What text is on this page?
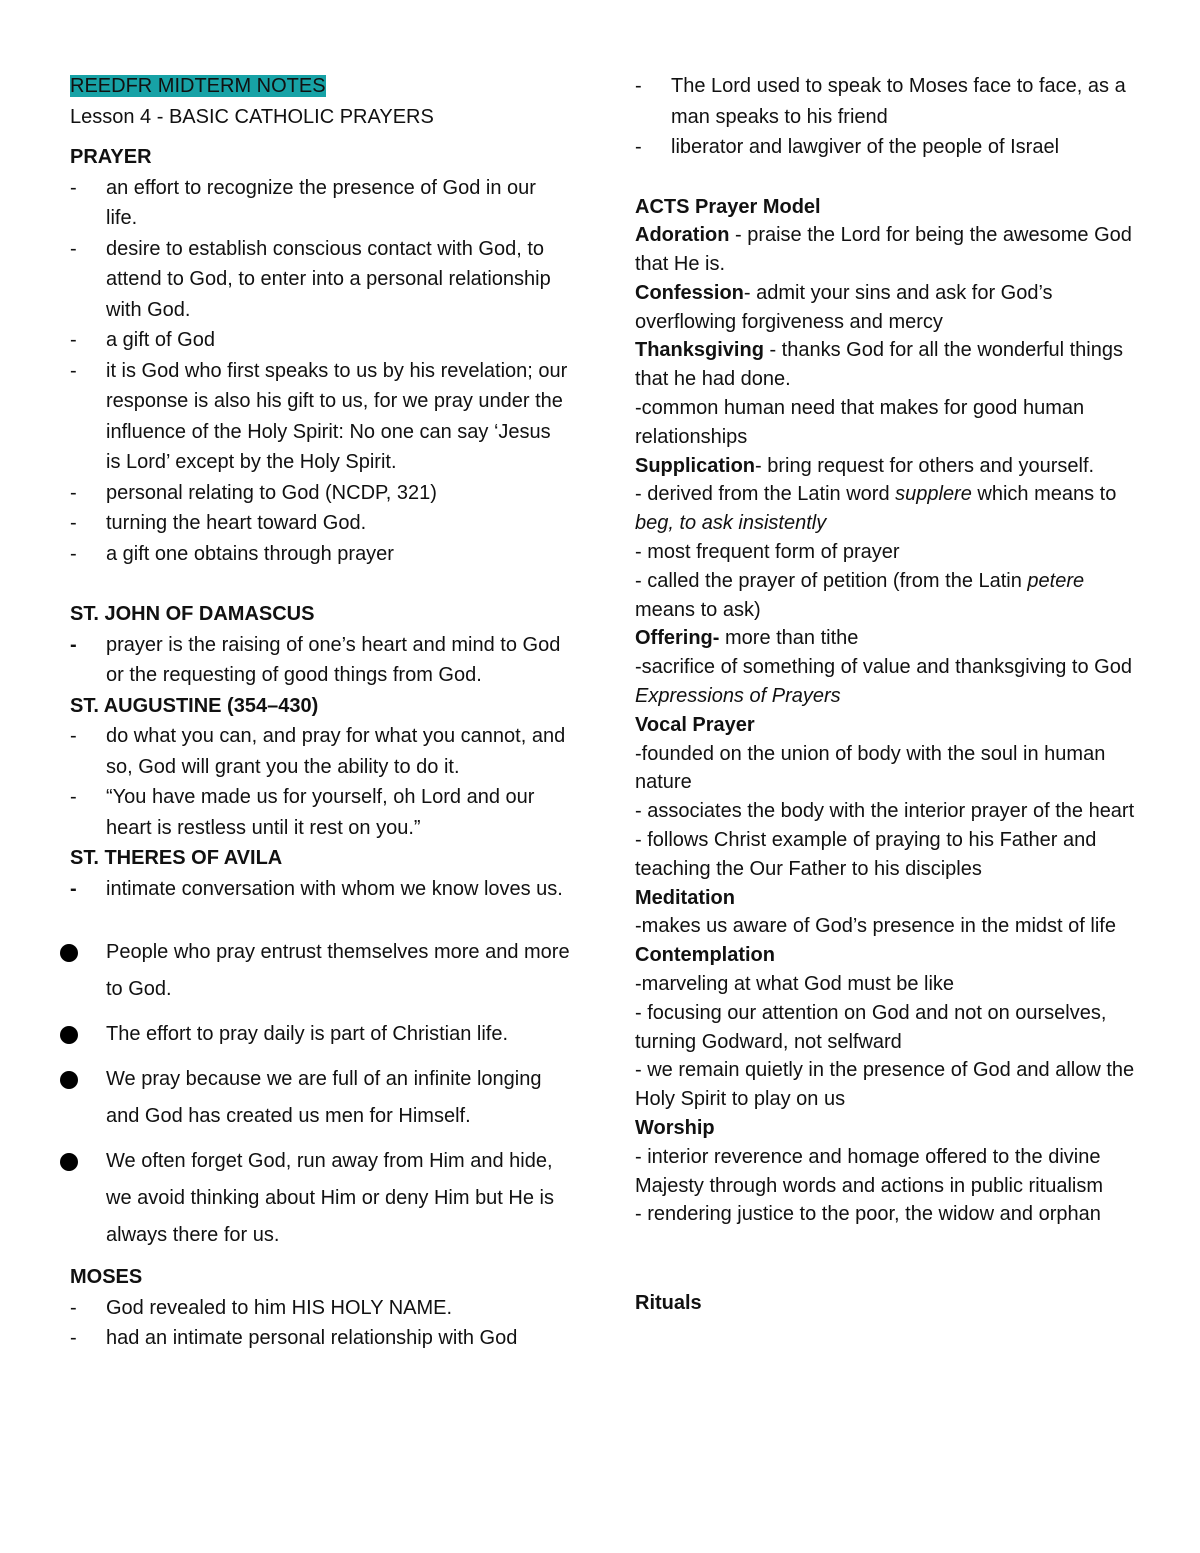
REEDFR MIDTERM NOTES
Lesson 4 - BASIC CATHOLIC PRAYERS
PRAYER
- an effort to recognize the presence of God in our life.
- desire to establish conscious contact with God, to attend to God, to enter into a personal relationship with God.
- a gift of God
- it is God who first speaks to us by his revelation; our response is also his gift to us, for we pray under the influence of the Holy Spirit: No one can say ‘Jesus is Lord’ except by the Holy Spirit.
- personal relating to God (NCDP, 321)
- turning the heart toward God.
- a gift one obtains through prayer
ST. JOHN OF DAMASCUS
- prayer is the raising of one’s heart and mind to God or the requesting of good things from God.
ST. AUGUSTINE (354–430)
- do what you can, and pray for what you cannot, and so, God will grant you the ability to do it.
- “You have made us for yourself, oh Lord and our heart is restless until it rest on you.”
ST. THERES OF AVILA
- intimate conversation with whom we know loves us.
People who pray entrust themselves more and more to God.
The effort to pray daily is part of Christian life.
We pray because we are full of an infinite longing and God has created us men for Himself.
We often forget God, run away from Him and hide, we avoid thinking about Him or deny Him but He is always there for us.
MOSES
- God revealed to him HIS HOLY NAME.
- had an intimate personal relationship with God
- The Lord used to speak to Moses face to face, as a man speaks to his friend
- liberator and lawgiver of the people of Israel
ACTS Prayer Model
Adoration - praise the Lord for being the awesome God that He is.
Confession- admit your sins and ask for God’s overflowing forgiveness and mercy
Thanksgiving - thanks God for all the wonderful things that he had done.
-common human need that makes for good human relationships
Supplication- bring request for others and yourself.
- derived from the Latin word supplere which means to beg, to ask insistently
- most frequent form of prayer
- called the prayer of petition (from the Latin petere means to ask)
Offering- more than tithe
-sacrifice of something of value and thanksgiving to God
Expressions of Prayers
Vocal Prayer
-founded on the union of body with the soul in human nature
- associates the body with the interior prayer of the heart
- follows Christ example of praying to his Father and teaching the Our Father to his disciples
Meditation
-makes us aware of God’s presence in the midst of life
Contemplation
-marveling at what God must be like
- focusing our attention on God and not on ourselves, turning Godward, not selfward
- we remain quietly in the presence of God and allow the Holy Spirit to play on us
Worship
- interior reverence and homage offered to the divine Majesty through words and actions in public ritualism
- rendering justice to the poor, the widow and orphan
Rituals
